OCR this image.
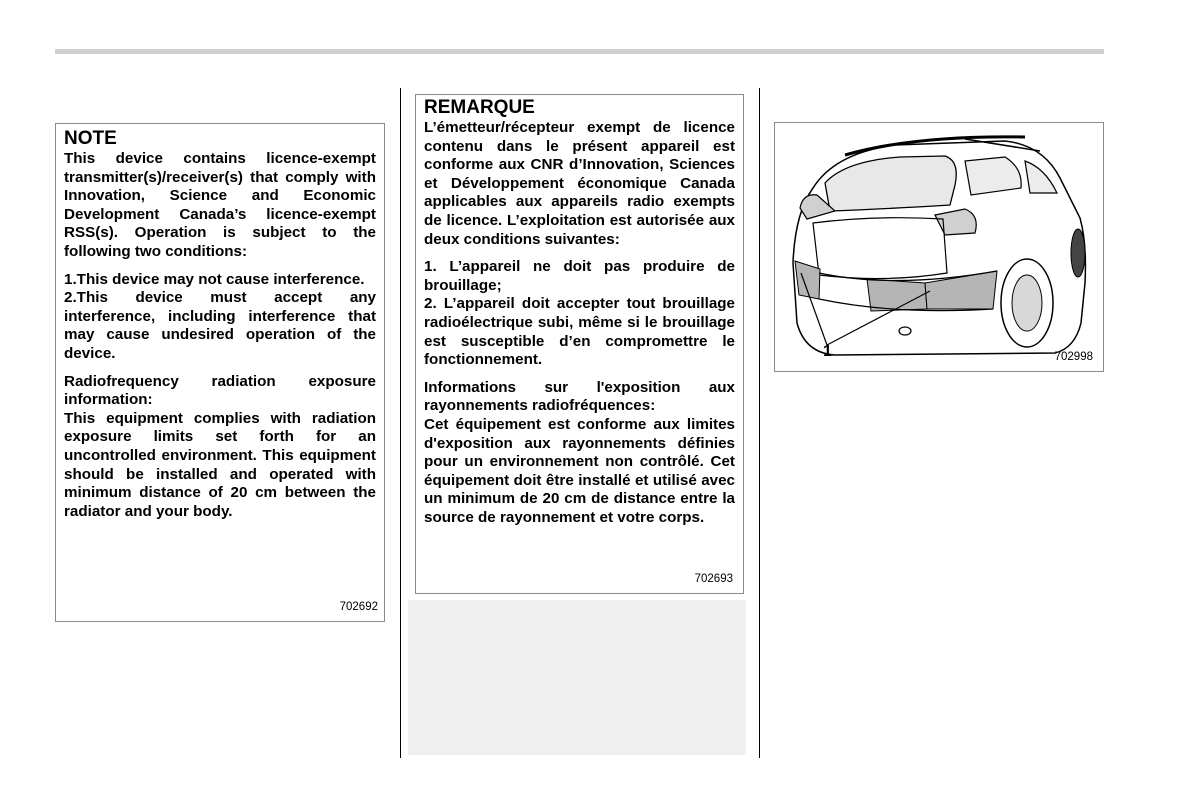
NOTE

This device contains licence-exempt transmitter(s)/receiver(s) that comply with Innovation, Science and Economic Development Canada’s licence-exempt RSS(s). Operation is subject to the following two conditions:

1.This device may not cause interference.

2.This device must accept any interference, including interference that may cause undesired operation of the device.

Radiofrequency radiation exposure information:

This equipment complies with radiation exposure limits set forth for an uncontrolled environment. This equipment should be installed and operated with minimum distance of 20 cm between the radiator and your body.

702692
REMARQUE

L’émetteur/récepteur exempt de licence contenu dans le présent appareil est conforme aux CNR d’Innovation, Sciences et Développement économique Canada applicables aux appareils radio exempts de licence. L’exploitation est autorisée aux deux conditions suivantes:

1. L’appareil ne doit pas produire de brouillage;

2. L’appareil doit accepter tout brouillage radioélectrique subi, même si le brouillage est susceptible d’en compromettre le fonctionnement.

Informations sur l'exposition aux rayonnements radiofréquences:

Cet équipement est conforme aux limites d'exposition aux rayonnements définies pour un environnement non contrôlé. Cet équipement doit être installé et utilisé avec un minimum de 20 cm de distance entre la source de rayonnement et votre corps.

702693
1	702998
